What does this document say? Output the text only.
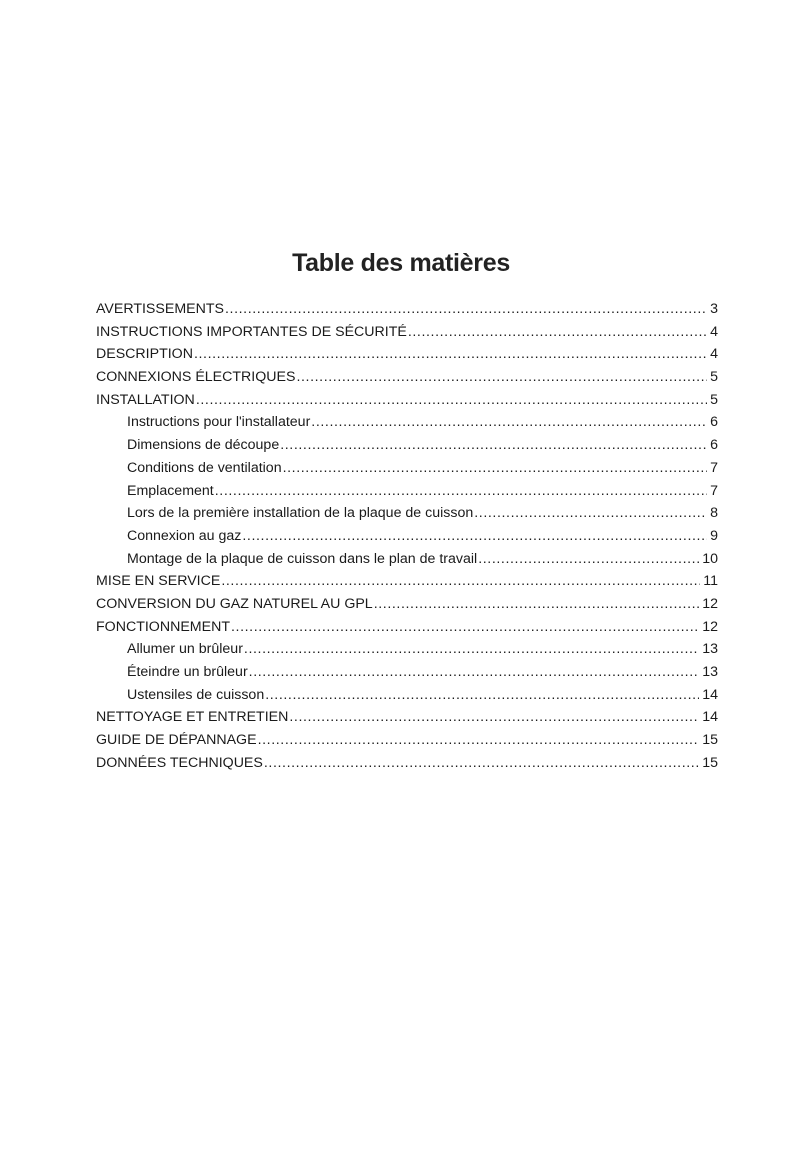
Table des matières
AVERTISSEMENTS .....	3
INSTRUCTIONS IMPORTANTES DE SÉCURITÉ .....	4
DESCRIPTION .....	4
CONNEXIONS ÉLECTRIQUES .....	5
INSTALLATION .....	5
Instructions pour l'installateur .....	6
Dimensions de découpe .....	6
Conditions de ventilation .....	7
Emplacement .....	7
Lors de la première installation de la plaque de cuisson .....	8
Connexion au gaz .....	9
Montage de la plaque de cuisson dans le plan de travail .....	10
MISE EN SERVICE .....	11
CONVERSION DU GAZ NATUREL AU GPL .....	12
FONCTIONNEMENT .....	12
Allumer un brûleur .....	13
Éteindre un brûleur .....	13
Ustensiles de cuisson .....	14
NETTOYAGE ET ENTRETIEN .....	14
GUIDE DE DÉPANNAGE .....	15
DONNÉES TECHNIQUES .....	15
